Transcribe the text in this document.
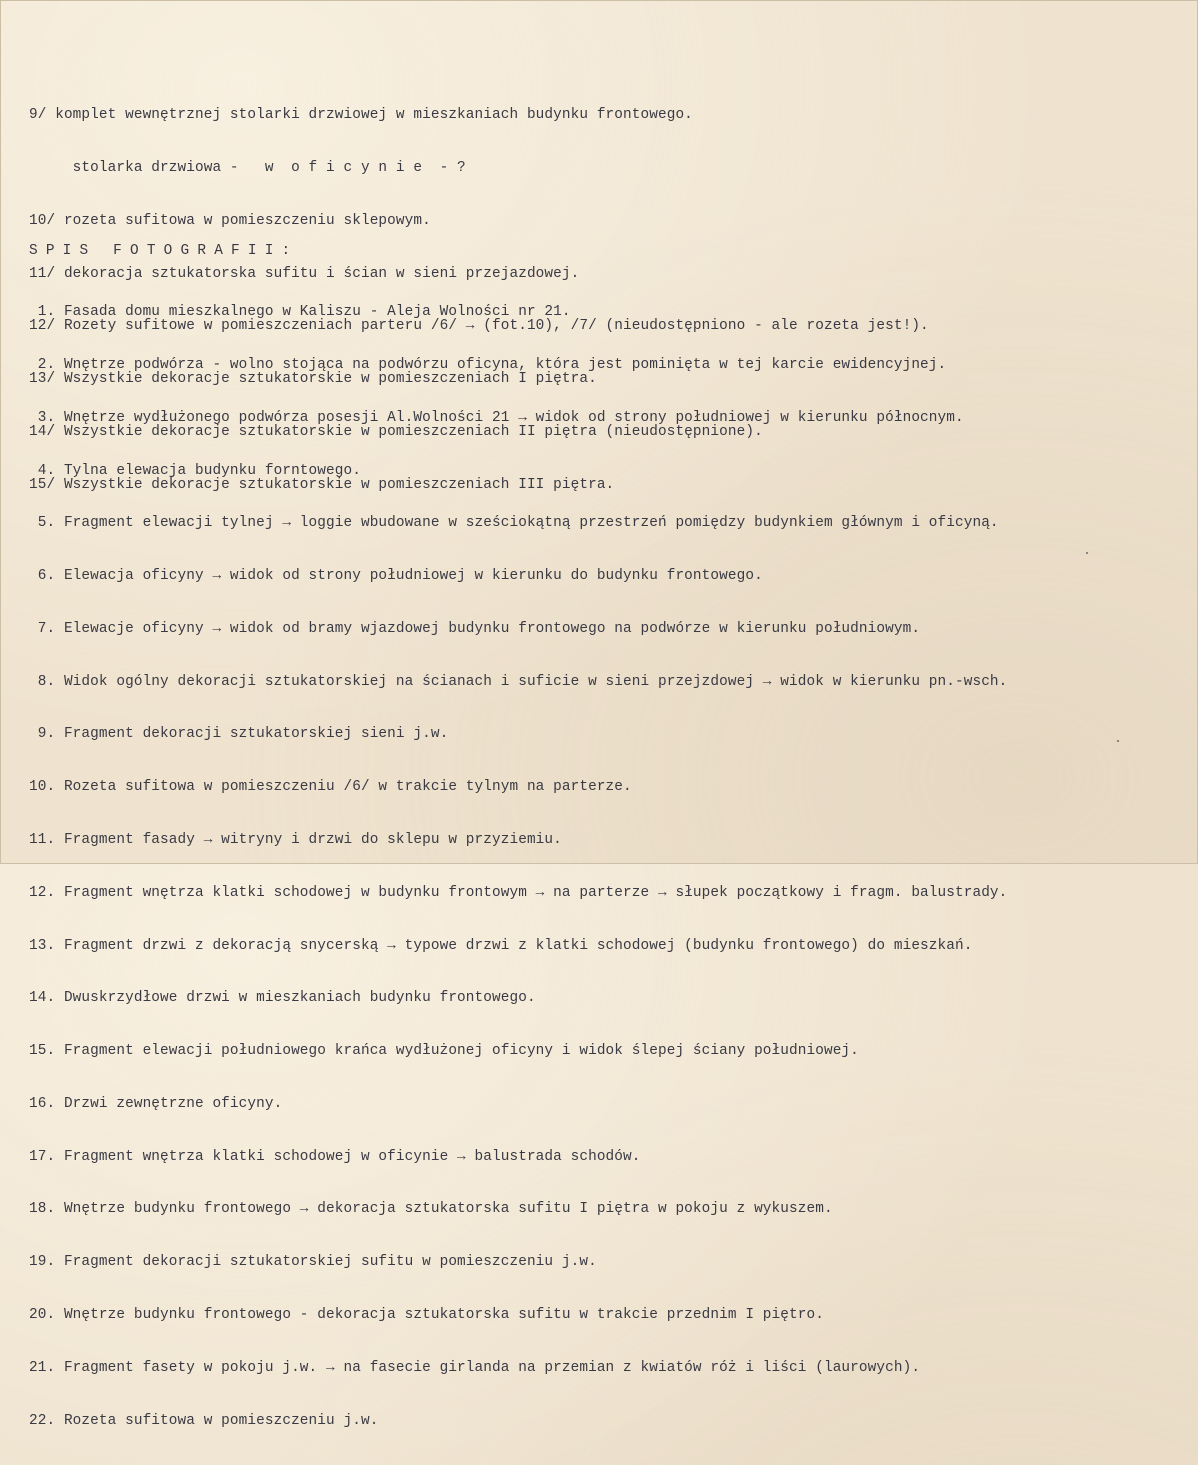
9/ komplet wewnętrznej stolarki drzwiowej w mieszkaniach budynku frontowego.

stolarka drzwiowa -   w  o f i c y n i e  - ?

10/ rozeta sufitowa w pomieszczeniu sklepowym.

11/ dekoracja sztukatorska sufitu i ścian w sieni przejazdowej.

12/ Rozety sufitowe w pomieszczeniach parteru /6/ → (fot.10), /7/ (nieudostępniono - ale rozeta jest!).

13/ Wszystkie dekoracje sztukatorskie w pomieszczeniach I piętra.

14/ Wszystkie dekoracje sztukatorskie w pomieszczeniach II piętra (nieudostępnione).

15/ Wszystkie dekoracje sztukatorskie w pomieszczeniach III piętra.

SPIS FOTOGRAFII:

1. Fasada domu mieszkalnego w Kaliszu - Aleja Wolności nr 21.

2. Wnętrze podwórza - wolno stojąca na podwórzu oficyna, która jest pominięta w tej karcie ewidencyjnej.

3. Wnętrze wydłużonego podwórza posesji Al.Wolności 21 → widok od strony południowej w kierunku północnym.

4. Tylna elewacja budynku forntowego.

5. Fragment elewacji tylnej → loggie wbudowane w sześciokątną przestrzeń pomiędzy budynkiem głównym i oficyną.

6. Elewacja oficyny → widok od strony południowej w kierunku do budynku frontowego.

7. Elewacje oficyny → widok od bramy wjazdowej budynku frontowego na podwórze w kierunku południowym.

8. Widok ogólny dekoracji sztukatorskiej na ścianach i suficie w sieni przejzdowej → widok w kierunku pn.-wsch.

9. Fragment dekoracji sztukatorskiej sieni j.w.

10. Rozeta sufitowa w pomieszczeniu /6/ w trakcie tylnym na parterze.

11. Fragment fasady → witryny i drzwi do sklepu w przyziemiu.

12. Fragment wnętrza klatki schodowej w budynku frontowym → na parterze → słupek początkowy i fragm. balustrady.

13. Fragment drzwi z dekoracją snycerską → typowe drzwi z klatki schodowej (budynku frontowego) do mieszkań.

14. Dwuskrzydłowe drzwi w mieszkaniach budynku frontowego.

15. Fragment elewacji południowego krańca wydłużonej oficyny i widok ślepej ściany południowej.

16. Drzwi zewnętrzne oficyny.

17. Fragment wnętrza klatki schodowej w oficynie → balustrada schodów.

18. Wnętrze budynku frontowego → dekoracja sztukatorska sufitu I piętra w pokoju z wykuszem.

19. Fragment dekoracji sztukatorskiej sufitu w pomieszczeniu j.w.

20. Wnętrze budynku frontowego - dekoracja sztukatorska sufitu w trakcie przednim I piętro.

21. Fragment fasety w pokoju j.w. → na fasecie girlanda na przemian z kwiatów róż i liści (laurowych).

22. Rozeta sufitowa w pomieszczeniu j.w.
